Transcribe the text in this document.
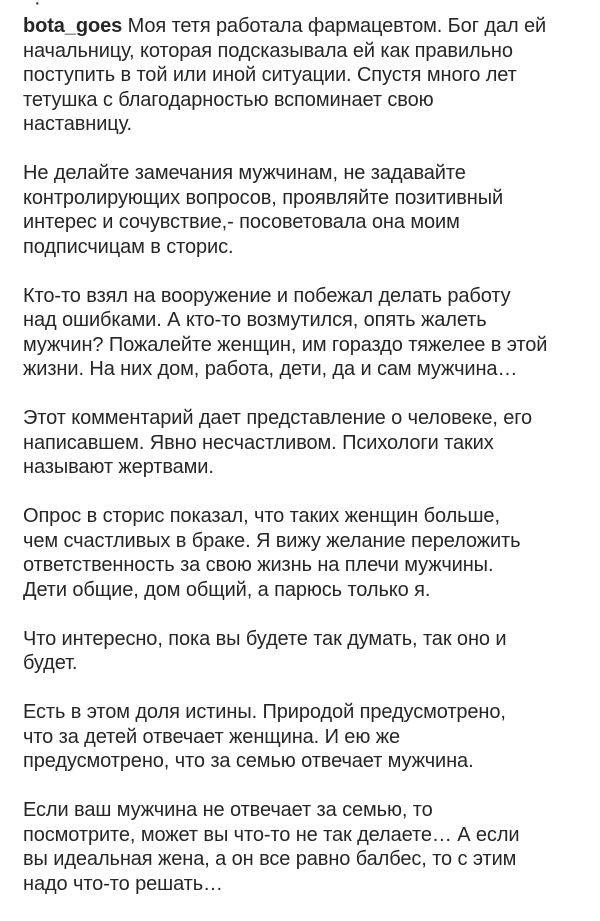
·
bota_goes Моя тетя работала фармацевтом. Бог дал ей
начальницу, которая подсказывала ей как правильно
поступить в той или иной ситуации. Спустя много лет
тетушка с благодарностью вспоминает свою
наставницу.
Не делайте замечания мужчинам, не задавайте
контролирующих вопросов, проявляйте позитивный
интерес и сочувствие,- посоветовала она моим
подписчицам в сторис.
Кто-то взял на вооружение и побежал делать работу
над ошибками. А кто-то возмутился, опять жалеть
мужчин? Пожалейте женщин, им гораздо тяжелее в этой
жизни. На них дом, работа, дети, да и сам мужчина…
Этот комментарий дает представление о человеке, его
написавшем. Явно несчастливом. Психологи таких
называют жертвами.
Опрос в сторис показал, что таких женщин больше,
чем счастливых в браке. Я вижу желание переложить
ответственность за свою жизнь на плечи мужчины.
Дети общие, дом общий, а парюсь только я.
Что интересно, пока вы будете так думать, так оно и
будет.
Есть в этом доля истины. Природой предусмотрено,
что за детей отвечает женщина. И ею же
предусмотрено, что за семью отвечает мужчина.
Если ваш мужчина не отвечает за семью, то
посмотрите, может вы что-то не так делаете… А если
вы идеальная жена, а он все равно балбес, то с этим
надо что-то решать…
